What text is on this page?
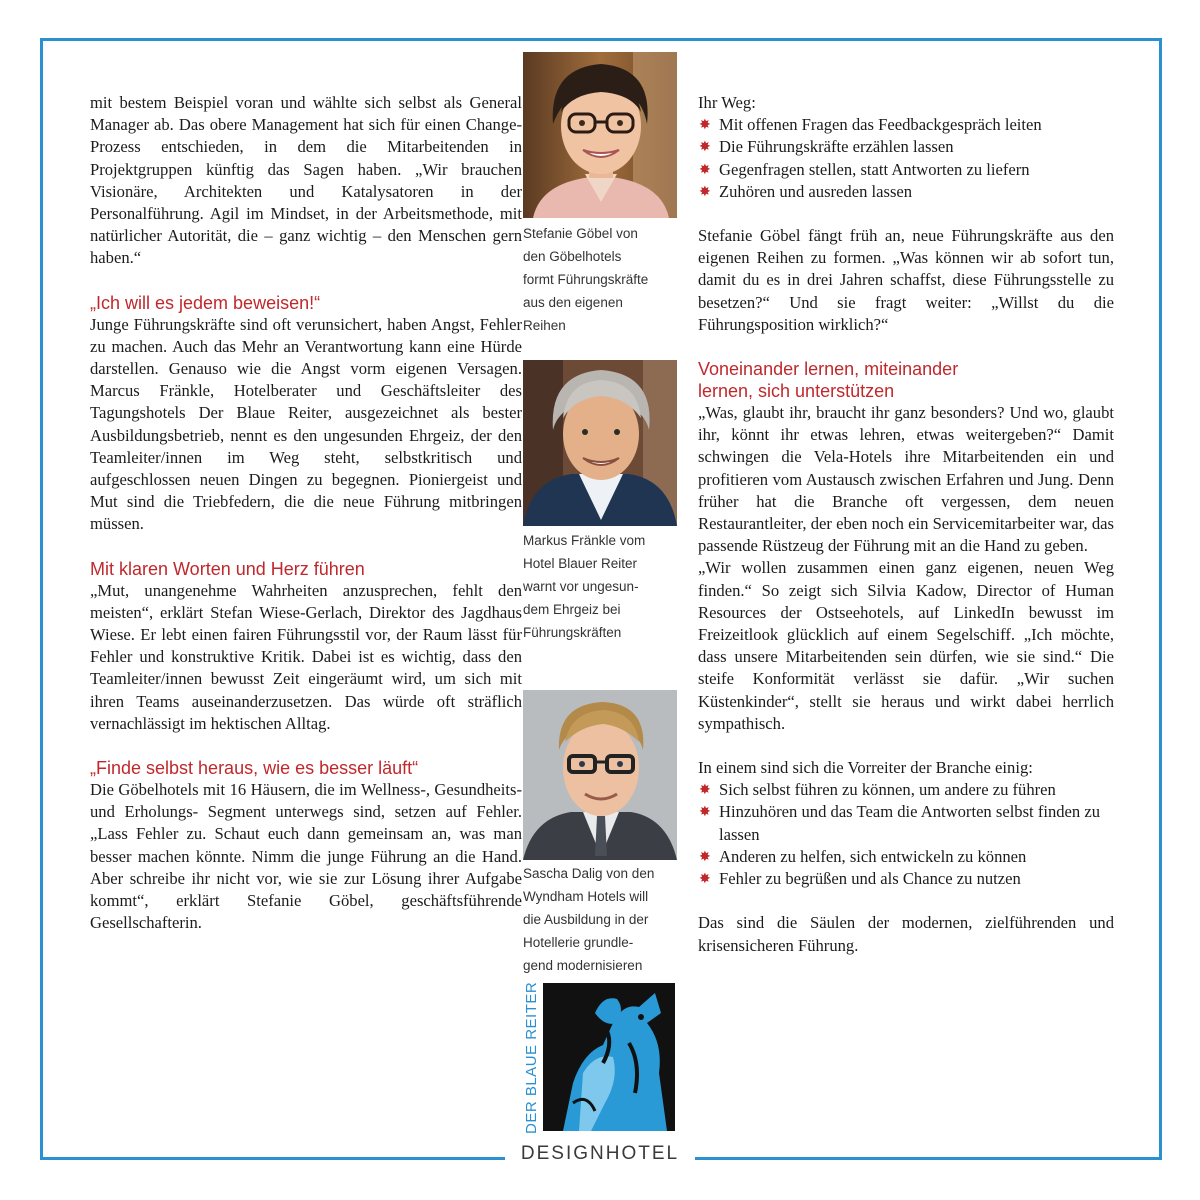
mit bestem Beispiel voran und wählte sich selbst als General Manager ab. Das obere Management hat sich für einen Change-Prozess entschieden, in dem die Mitarbeitenden in Projektgruppen künftig das Sagen haben. „Wir brauchen Visionäre, Architekten und Katalysatoren in der Personalführung. Agil im Mindset, in der Arbeitsmethode, mit natürlicher Autorität, die – ganz wichtig – den Menschen gern haben.“

„Ich will es jedem beweisen!“

Junge Führungskräfte sind oft verunsichert, haben Angst, Fehler zu machen. Auch das Mehr an Verantwortung kann eine Hürde darstellen. Genauso wie die Angst vorm eigenen Versagen. Marcus Fränkle, Hotelberater und Geschäftsleiter des Tagungshotels Der Blaue Reiter, ausgezeichnet als bester Ausbildungsbetrieb, nennt es den ungesunden Ehrgeiz, der den Teamleiter/innen im Weg steht, selbstkritisch und aufgeschlossen neuen Dingen zu begegnen. Pioniergeist und Mut sind die Triebfedern, die die neue Führung mitbringen müssen.

Mit klaren Worten und Herz führen

„Mut, unangenehme Wahrheiten anzusprechen, fehlt den meisten“, erklärt Stefan Wiese-Gerlach, Direktor des Jagdhaus Wiese. Er lebt einen fairen Führungsstil vor, der Raum lässt für Fehler und konstruktive Kritik. Dabei ist es wichtig, dass den Teamleiter/innen bewusst Zeit eingeräumt wird, um sich mit ihren Teams auseinanderzusetzen. Das würde oft sträflich vernachlässigt im hektischen Alltag.

„Finde selbst heraus, wie es besser läuft“

Die Göbelhotels mit 16 Häusern, die im Wellness-, Gesundheits- und Erholungs- Segment unterwegs sind, setzen auf Fehler. „Lass Fehler zu. Schaut euch dann gemeinsam an, was man besser machen könnte. Nimm die junge Führung an die Hand. Aber schreibe ihr nicht vor, wie sie zur Lösung ihrer Aufgabe kommt“, erklärt Stefanie Göbel, geschäftsführende Gesellschafterin.

Stefanie Göbel von
den Göbelhotels
formt Führungskräfte
aus den eigenen
Reihen
Markus Fränkle vom
Hotel Blauer Reiter
warnt vor ungesun-
dem Ehrgeiz bei
Führungskräften
Sascha Dalig von den
Wyndham Hotels will
die Ausbildung in der
Hotellerie grundle-
gend modernisieren
DER BLAUE REITER
DESIGNHOTEL

Ihr Weg:

✸ Mit offenen Fragen das Feedbackgespräch leiten
✸ Die Führungskräfte erzählen lassen
✸ Gegenfragen stellen, statt Antworten zu liefern
✸ Zuhören und ausreden lassen

Stefanie Göbel fängt früh an, neue Führungskräfte aus den eigenen Reihen zu formen. „Was können wir ab sofort tun, damit du es in drei Jahren schaffst, diese Führungsstelle zu besetzen?“ Und sie fragt weiter: „Willst du die Führungsposition wirklich?“

Voneinander lernen, miteinander
lernen, sich unterstützen

„Was, glaubt ihr, braucht ihr ganz besonders? Und wo, glaubt ihr, könnt ihr etwas lehren, etwas weitergeben?“ Damit schwingen die Vela-Hotels ihre Mitarbeitenden ein und profitieren vom Austausch zwischen Erfahren und Jung. Denn früher hat die Branche oft vergessen, dem neuen Restaurantleiter, der eben noch ein Servicemitarbeiter war, das passende Rüstzeug der Führung mit an die Hand zu geben.

„Wir wollen zusammen einen ganz eigenen, neuen Weg finden.“ So zeigt sich Silvia Kadow, Director of Human Resources der Ostseehotels, auf LinkedIn bewusst im Freizeitlook glücklich auf einem Segelschiff. „Ich möchte, dass unsere Mitarbeitenden sein dürfen, wie sie sind.“ Die steife Konformität verlässt sie dafür. „Wir suchen Küstenkinder“, stellt sie heraus und wirkt dabei herrlich sympathisch.

In einem sind sich die Vorreiter der Branche einig:

✸ Sich selbst führen zu können, um andere zu führen
✸ Hinzuhören und das Team die Antworten selbst finden zu lassen
✸ Anderen zu helfen, sich entwickeln zu können
✸ Fehler zu begrüßen und als Chance zu nutzen

Das sind die Säulen der modernen, zielführenden und krisensicheren Führung.
